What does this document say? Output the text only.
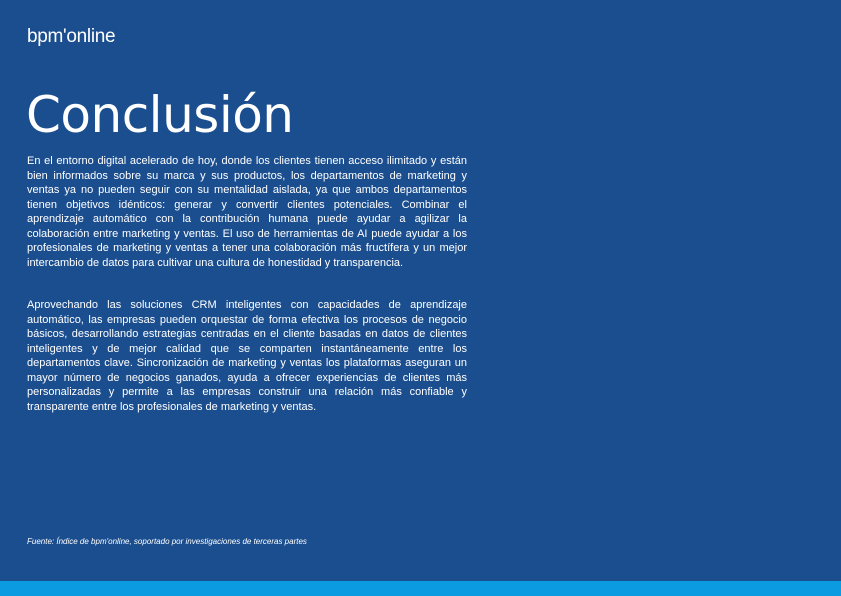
bpm'online
Conclusión

En el entorno digital acelerado de hoy, donde los clientes tienen acceso ilimitado y están bien informados sobre su marca y sus productos, los departamentos de marketing y ventas ya no pueden seguir con su mentalidad aislada, ya que ambos departamentos tienen objetivos idénticos: generar y convertir clientes potenciales. Combinar el aprendizaje automático con la contribución humana puede ayudar a agilizar la colaboración entre marketing y ventas. El uso de herramientas de AI puede ayudar a los profesionales de marketing y ventas a tener una colaboración más fructífera y un mejor intercambio de datos para cultivar una cultura de honestidad y transparencia.

Aprovechando las soluciones CRM inteligentes con capacidades de aprendizaje automático, las empresas pueden orquestar de forma efectiva los procesos de negocio básicos, desarrollando estrategias centradas en el cliente basadas en datos de clientes inteligentes y de mejor calidad que se comparten instantáneamente entre los departamentos clave. Sincronización de marketing y ventas los plataformas aseguran un mayor número de negocios ganados, ayuda a ofrecer experiencias de clientes más personalizadas y permite a las empresas construir una relación más confiable y transparente entre los profesionales de marketing y ventas.

Fuente: Índice de bpm'online, soportado por investigaciones de terceras partes
